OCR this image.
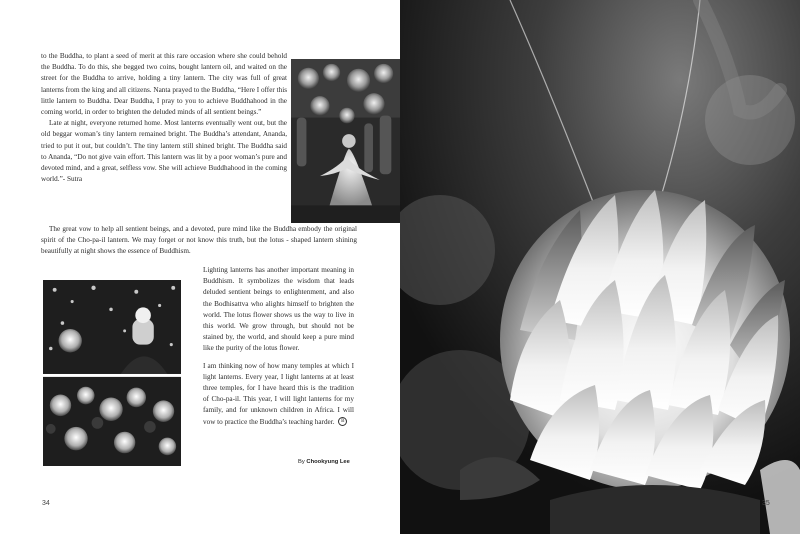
to the Buddha, to plant a seed of merit at this rare occasion where she could behold the Buddha. To do this, she begged two coins, bought lantern oil, and waited on the street for the Buddha to arrive, holding a tiny lantern. The city was full of great lanterns from the king and all citizens. Nanta prayed to the Buddha, “Here I offer this little lantern to Buddha. Dear Buddha, I pray to you to achieve Buddhahood in the coming world, in order to brighten the deluded minds of all sentient beings.”

Late at night, everyone returned home. Most lanterns eventually went out, but the old beggar woman’s tiny lantern remained bright. The Buddha’s attendant, Ananda, tried to put it out, but couldn’t. The tiny lantern still shined bright. The Buddha said to Ananda, “Do not give vain effort. This lantern was lit by a poor woman’s pure and devoted mind, and a great, selfless vow. She will achieve Buddhahood in the coming world.”- Sutra

The great vow to help all sentient beings, and a devoted, pure mind like the Buddha embody the original spirit of the Cho-pa-il lantern. We may forget or not know this truth, but the lotus - shaped lantern shining beautifully at night shows the essence of Buddhism.

Lighting lanterns has another important meaning in Buddhism. It symbolizes the wisdom that leads deluded sentient beings to enlightenment, and also the Bodhisattva who alights himself to brighten the world. The lotus flower shows us the way to live in this world. We grow through, but should not be stained by, the world, and should keep a pure mind like the purity of the lotus flower.

I am thinking now of how many temples at which I light lanterns. Every year, I light lanterns at at least three temples, for I have heard this is the tradition of Cho-pa-il. This year, I will light lanterns for my family, and for unknown children in Africa. I will vow to practice the Buddha’s teaching harder. B

By Chookyung Lee
34	35
